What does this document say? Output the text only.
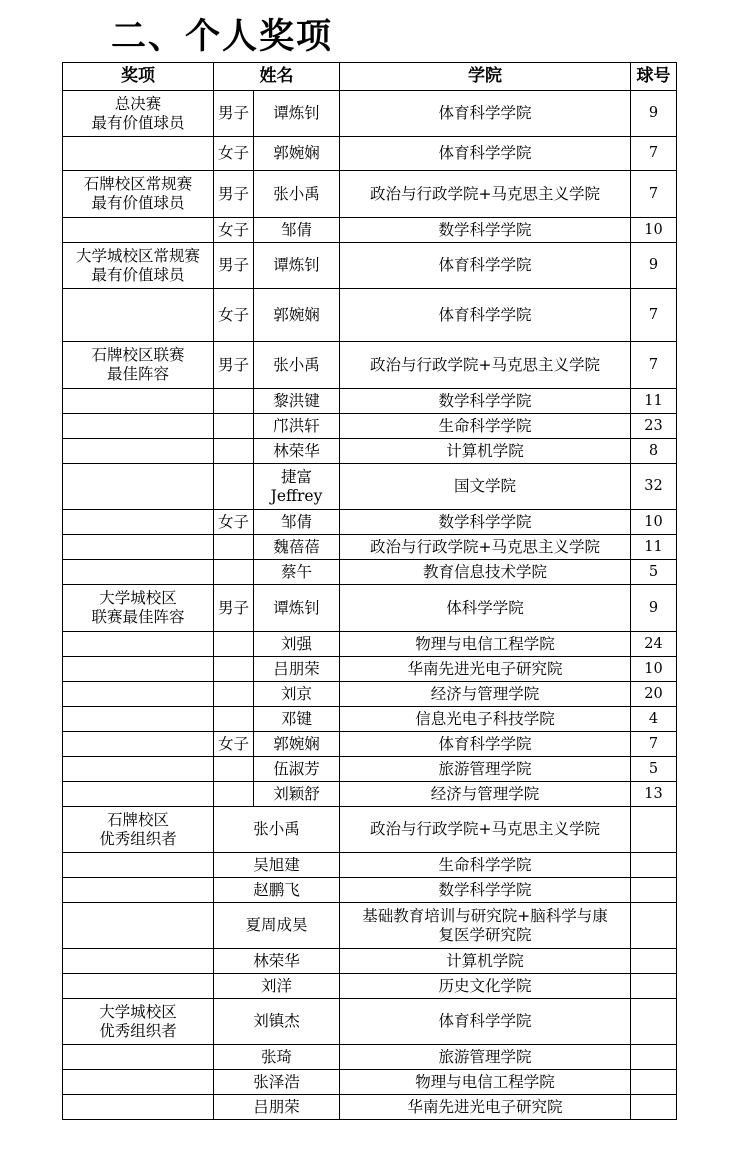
二、个人奖项
奖项	姓名		学院	球号
总决赛
最有价值球员	男子	谭炼钊	体育科学学院	9
	女子	郭婉娴	体育科学学院	7
石牌校区常规赛
最有价值球员	男子	张小禹	政治与行政学院+马克思主义学院	7
	女子	邹倩	数学科学学院	10
大学城校区常规赛
最有价值球员	男子	谭炼钊	体育科学学院	9
	女子	郭婉娴	体育科学学院	7
石牌校区联赛
最佳阵容	男子	张小禹	政治与行政学院+马克思主义学院	7
		黎洪键	数学科学学院	11
		邝洪轩	生命科学学院	23
		林荣华	计算机学院	8
		捷富
Jeffrey	国文学院	32
	女子	邹倩	数学科学学院	10
		魏蓓蓓	政治与行政学院+马克思主义学院	11
		蔡午	教育信息技术学院	5
大学城校区
联赛最佳阵容	男子	谭炼钊	体科学学院	9
		刘强	物理与电信工程学院	24
		吕朋荣	华南先进光电子研究院	10
		刘京	经济与管理学院	20
		邓键	信息光电子科技学院	4
	女子	郭婉娴	体育科学学院	7
		伍淑芳	旅游管理学院	5
		刘颖舒	经济与管理学院	13
石牌校区
优秀组织者	张小禹		政治与行政学院+马克思主义学院	
	吴旭建		生命科学学院	
	赵鹏飞		数学科学学院	
	夏周成昊		基础教育培训与研究院+脑科学与康
复医学研究院	
	林荣华		计算机学院	
	刘洋		历史文化学院	
大学城校区
优秀组织者	刘镇杰		体育科学学院	
	张琦		旅游管理学院	
	张泽浩		物理与电信工程学院	
	吕朋荣		华南先进光电子研究院	
